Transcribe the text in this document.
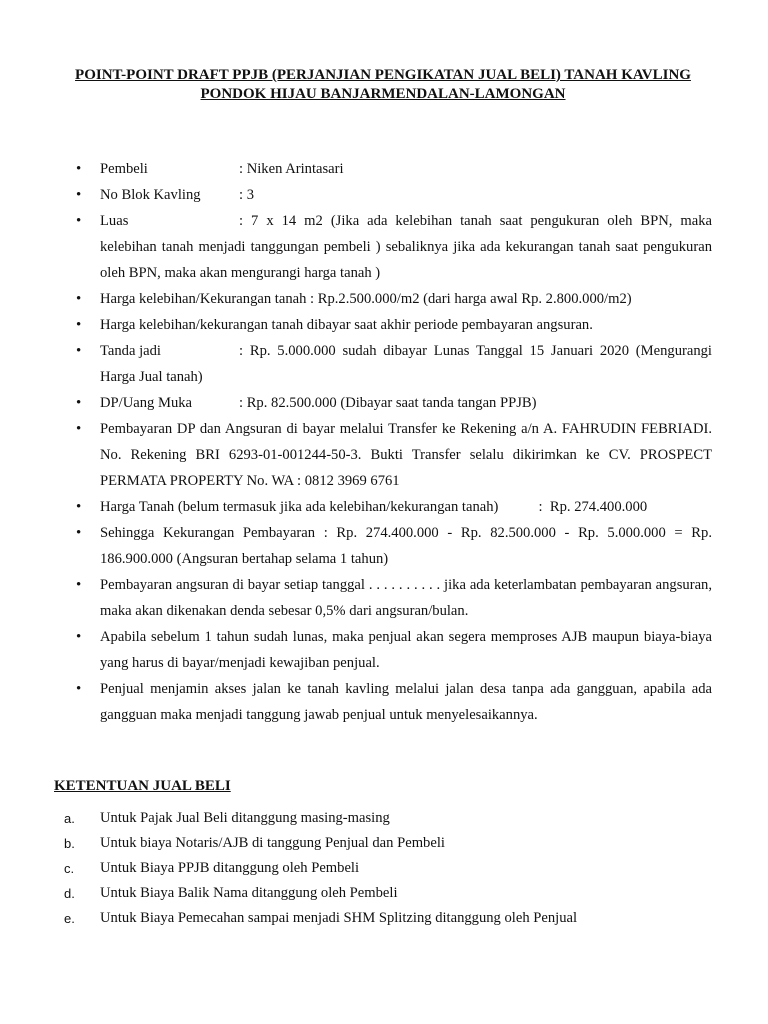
POINT-POINT DRAFT PPJB (PERJANJIAN PENGIKATAN JUAL BELI) TANAH KAVLING
PONDOK HIJAU BANJARMENDALAN-LAMONGAN
• Pembeli	: Niken Arintasari
• No Blok Kavling	: 3
• Luas	: 7 x 14 m2 (Jika ada kelebihan tanah saat pengukuran oleh BPN, maka kelebihan tanah menjadi tanggungan pembeli ) sebaliknya jika ada kekurangan tanah saat pengukuran oleh BPN, maka akan mengurangi harga tanah )
• Harga kelebihan/Kekurangan tanah : Rp.2.500.000/m2 (dari harga awal Rp. 2.800.000/m2)
• Harga kelebihan/kekurangan tanah dibayar saat akhir periode pembayaran angsuran.
• Tanda jadi	: Rp. 5.000.000 sudah dibayar Lunas Tanggal 15 Januari 2020 (Mengurangi Harga Jual tanah)
• DP/Uang Muka	: Rp. 82.500.000 (Dibayar saat tanda tangan PPJB)
• Pembayaran DP dan Angsuran di bayar melalui Transfer ke Rekening a/n A. FAHRUDIN FEBRIADI. No. Rekening BRI 6293-01-001244-50-3. Bukti Transfer selalu dikirimkan ke CV. PROSPECT PERMATA PROPERTY No. WA : 0812 3969 6761
• Harga Tanah (belum termasuk jika ada kelebihan/kekurangan tanah)           :  Rp. 274.400.000
• Sehingga Kekurangan Pembayaran : Rp. 274.400.000 - Rp. 82.500.000 - Rp. 5.000.000 = Rp. 186.900.000 (Angsuran bertahap selama 1 tahun)
• Pembayaran angsuran di bayar setiap tanggal . . . . . . . . . . jika ada keterlambatan pembayaran angsuran, maka akan dikenakan denda sebesar 0,5% dari angsuran/bulan.
• Apabila sebelum 1 tahun sudah lunas, maka penjual akan segera memproses AJB maupun biaya-biaya yang harus di bayar/menjadi kewajiban penjual.
• Penjual menjamin akses jalan ke tanah kavling melalui jalan desa tanpa ada gangguan, apabila ada gangguan maka menjadi tanggung jawab penjual untuk menyelesaikannya.
KETENTUAN JUAL BELI
a. Untuk Pajak Jual Beli ditanggung masing-masing
b. Untuk biaya Notaris/AJB di tanggung Penjual dan Pembeli
c. Untuk Biaya PPJB ditanggung oleh Pembeli
d. Untuk Biaya Balik Nama ditanggung oleh Pembeli
e. Untuk Biaya Pemecahan sampai menjadi SHM Splitzing ditanggung oleh Penjual
